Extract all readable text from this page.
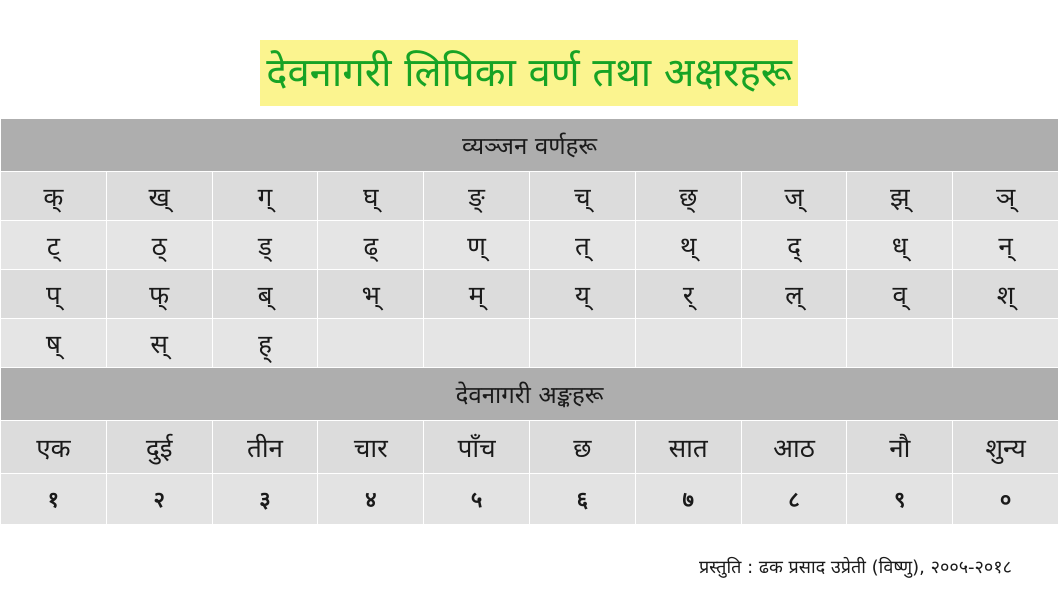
देवनागरी लिपिका वर्ण तथा अक्षरहरू
व्यञ्जन वर्णहरू									
क्	ख्	ग्	घ्	ङ्	च्	छ्	ज्	झ्	ञ्
ट्	ठ्	ड्	ढ्	ण्	त्	थ्	द्	ध्	न्
प्	फ्	ब्	भ्	म्	य्	र्	ल्	व्	श्
ष्	स्	ह्							
देवनागरी अङ्कहरू									
एक	दुई	तीन	चार	पाँच	छ	सात	आठ	नौ	शुन्य
१	२	३	४	५	६	७	८	९	०
प्रस्तुति : ढक प्रसाद उप्रेती (विष्णु), २००५-२०१८
